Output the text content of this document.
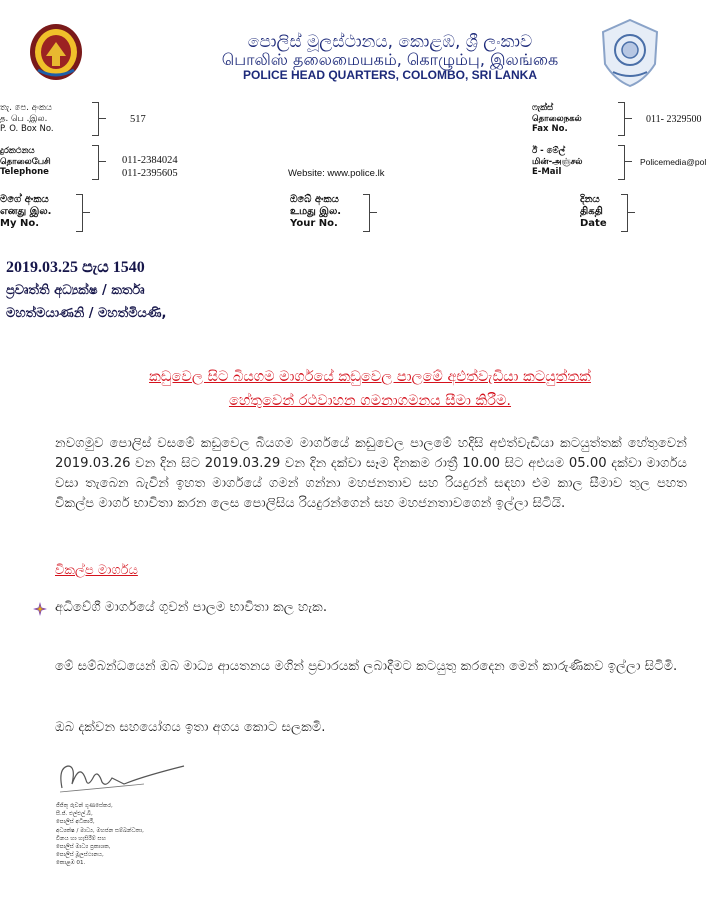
පොලිස් මූලස්ථානය, කොළඹ, ශ්‍රී ලංකාව
பொலிஸ் தலைமையகம், கொழும்பு, இலங்கை
POLICE HEAD QUARTERS, COLOMBO, SRI LANKA
තැ. පෙ. අංකය
த. பெ .இல.
P. O. Box No.
517
ෆැක්ස්
தொலைநகல்
Fax No.
011- 2329500
දුරකථනය
தொலைபேசி
Telephone
011-2384024
011-2395605	Website: www.police.lk
ඊ - මේල්
மின்-அஞ்சல்
E-Mail
Policemedia@pol
මගේ අංකය
எனது இல.
My No.
ඔබේ අංකය
உமது இல.
Your No.
දිනය
திகதி
Date
2019.03.25 පැය 1540
ප්‍රවෘත්ති අධ්‍යක්ෂ / කර්තෘ
මහත්මයාණනි / මහත්මියණි,
කඩුවෙල සිට බියගම මාර්ගයේ කඩුවෙල පාලමේ අළුත්වැඩියා කටයුත්තක්
හේතුවෙන් රථවාහන ගමනාගමනය සීමා කිරීම.
නවගමුව පොලිස් වසමේ කඩුවෙල බියගම මාර්ගයේ කඩුවෙල පාලමේ හදිසි අළුත්වැඩියා කටයුත්තක් හේතුවෙන් 2019.03.26 වන දින සිට 2019.03.29 වන දින දක්වා සෑම දිනකම රාත්‍රී 10.00 සිට අළුයම 05.00 දක්වා මාර්ගය වසා තැබෙන බැවින් ඉහත මාර්ගයේ ගමන් ගන්නා මහජනතාව සහ රියදුරන් සඳහා එම කාල සීමාව තුල පහත විකල්ප මාර්ග භාවිතා කරන ලෙස පොලිසිය රියදුරන්ගෙන් සහ මහජනතාවගෙන් ඉල්ලා සිටියි.
විකල්ප මාර්ගය
අධිවේගී මාර්ගයේ ගුවන් පාලම භාවිතා කල හැක.
මේ සම්බන්ධයෙන් ඔබ මාධ්‍ය ආයතනය මගින් ප්‍රචාරයක් ලබාදීමට කටයුතු කරදෙන මෙන් කාරුණිකව ඉල්ලා සිටිමි.
ඔබ දක්වන සහයෝගය ඉතා අගය කොට සලකමි.
ජීජිතු රුවන් ගුණසේකර,
සී.ජ්. එල්එල්.බී,
පොලිස් අධිකාරී,
අධ්‍යක්ෂ / මාධ්‍ය, මහජන සම්බන්ධතා,
විනය හා හැසිරීම් සහ
පොලිස් මාධ්‍ය ප්‍රකාශක,
පොලිස් මූලස්ථානය,
කොළඹ 01.
